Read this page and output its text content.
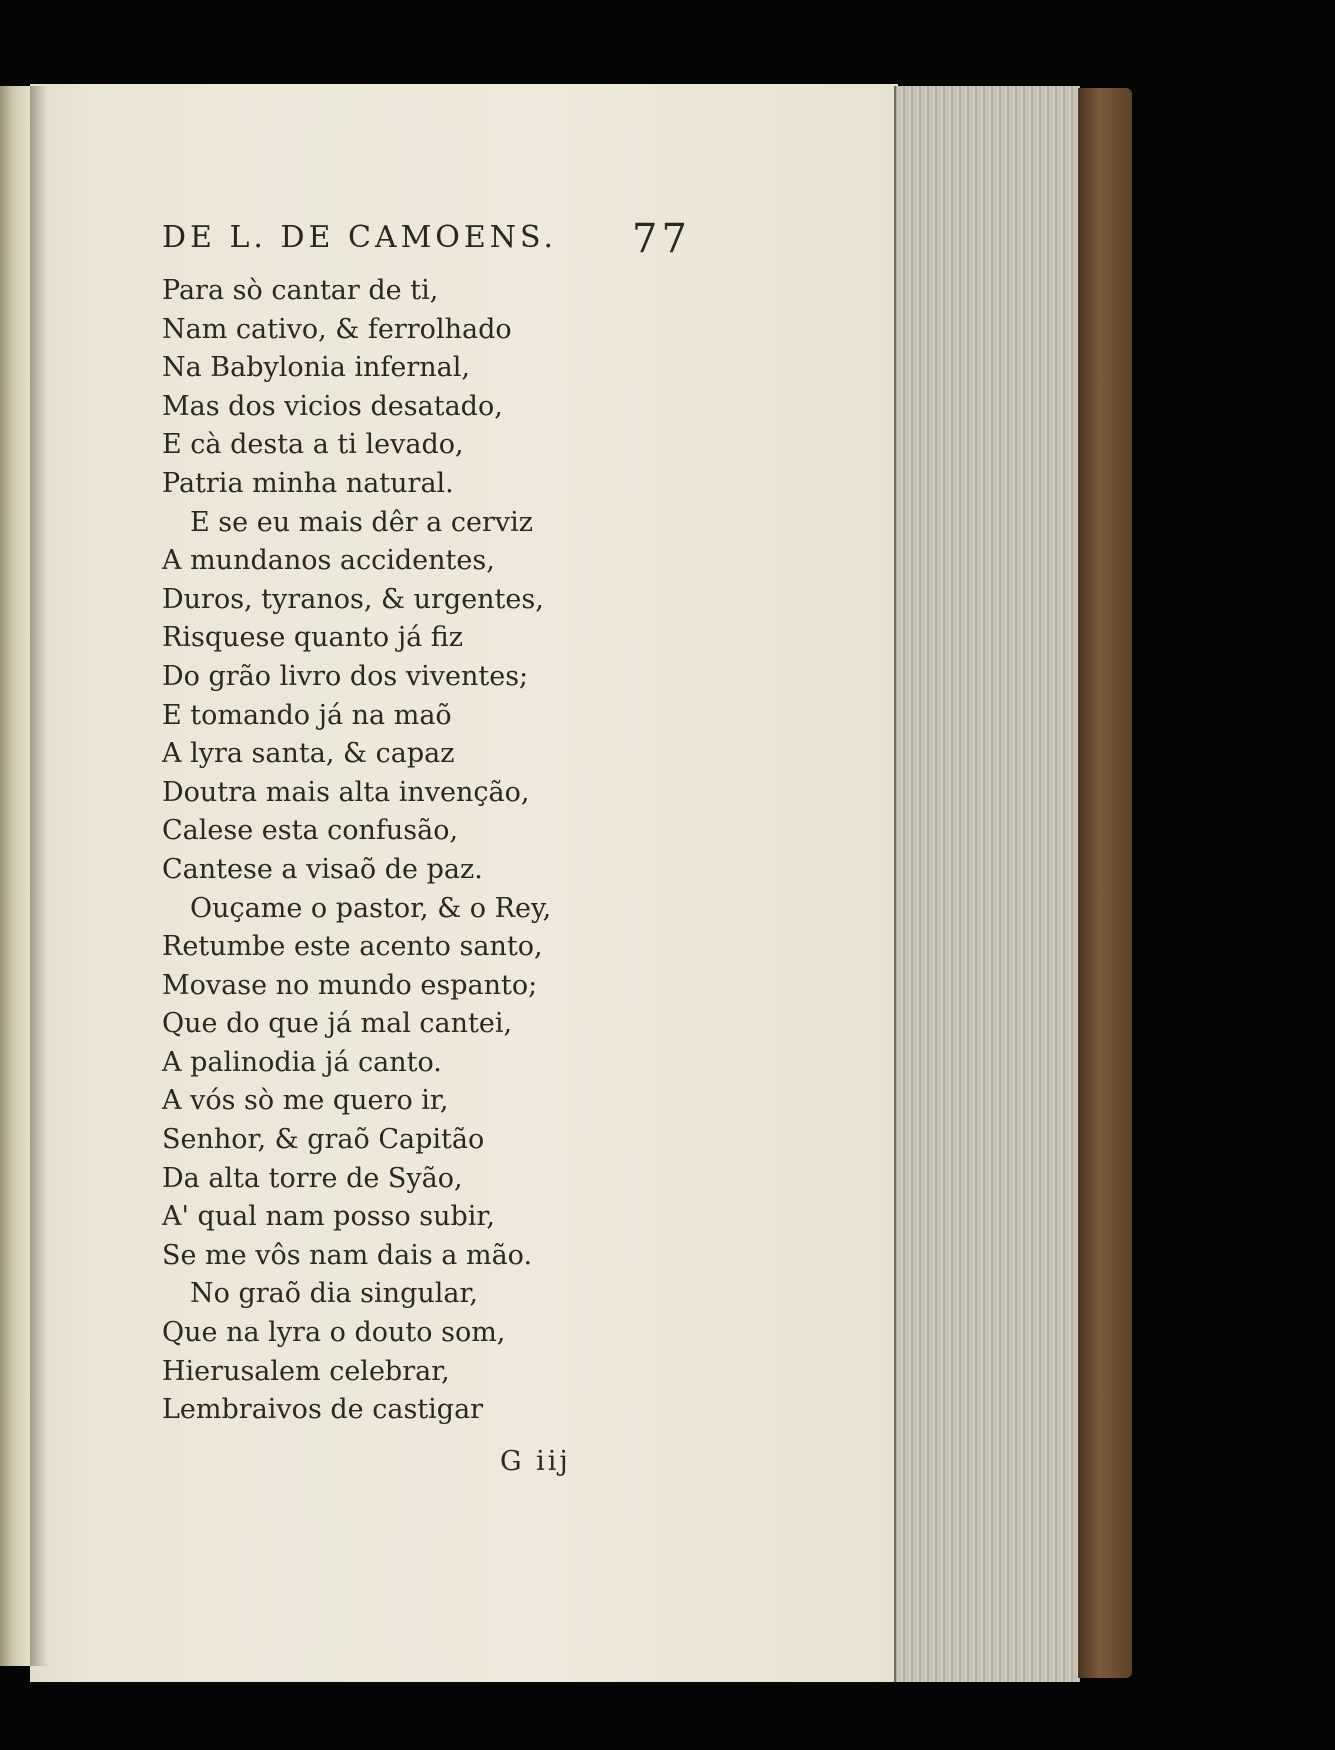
DE L. DE CAMOENS. 77
Para sò cantar de ti,
Nam cativo, & ferrolhado
Na Babylonia infernal,
Mas dos vicios desatado,
E cà desta a ti levado,
Patria minha natural.
E se eu mais dêr a cerviz
A mundanos accidentes,
Duros, tyranos, & urgentes,
Risquese quanto já fiz
Do grão livro dos viventes;
E tomando já na maõ
A lyra santa, & capaz
Doutra mais alta invenção,
Calese esta confusão,
Cantese a visaõ de paz.
Ouçame o pastor, & o Rey,
Retumbe este acento santo,
Movase no mundo espanto;
Que do que já mal cantei,
A palinodia já canto.
A vós sò me quero ir,
Senhor, & graõ Capitão
Da alta torre de Syão,
A' qual nam posso subir,
Se me vôs nam dais a mão.
No graõ dia singular,
Que na lyra o douto som,
Hierusalem celebrar,
Lembraivos de castigar
G iij
